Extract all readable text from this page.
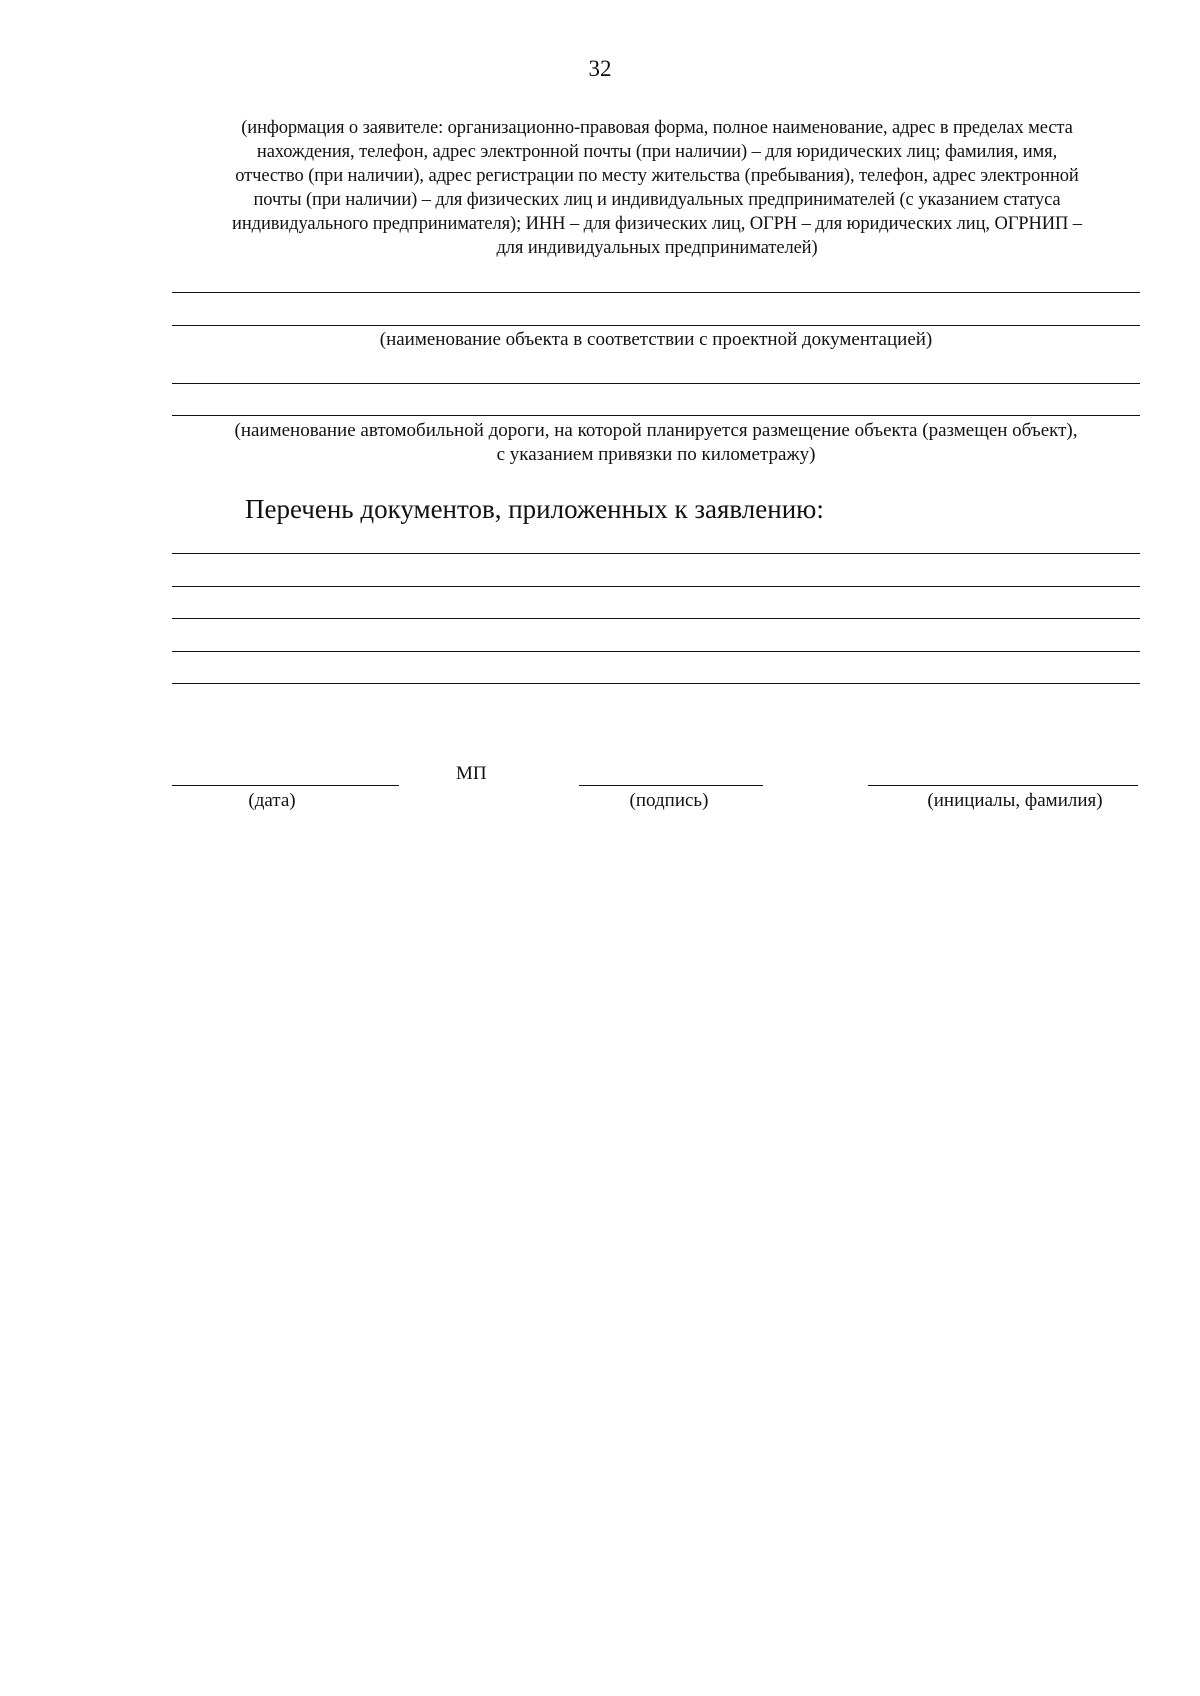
32
(информация о заявителе: организационно-правовая форма, полное наименование, адрес в пределах места
нахождения, телефон, адрес электронной почты (при наличии) – для юридических лиц; фамилия, имя,
отчество (при наличии), адрес регистрации по месту жительства (пребывания), телефон, адрес электронной
почты (при наличии) – для физических лиц и индивидуальных предпринимателей (с указанием статуса
индивидуального предпринимателя); ИНН – для физических лиц, ОГРН – для юридических лиц, ОГРНИП –
для индивидуальных предпринимателей)
(наименование объекта в соответствии с проектной документацией)
(наименование автомобильной дороги, на которой планируется размещение объекта (размещен объект),
с указанием привязки по километражу)
Перечень документов, приложенных к заявлению:
(дата)
МП
(подпись)	(инициалы, фамилия)
